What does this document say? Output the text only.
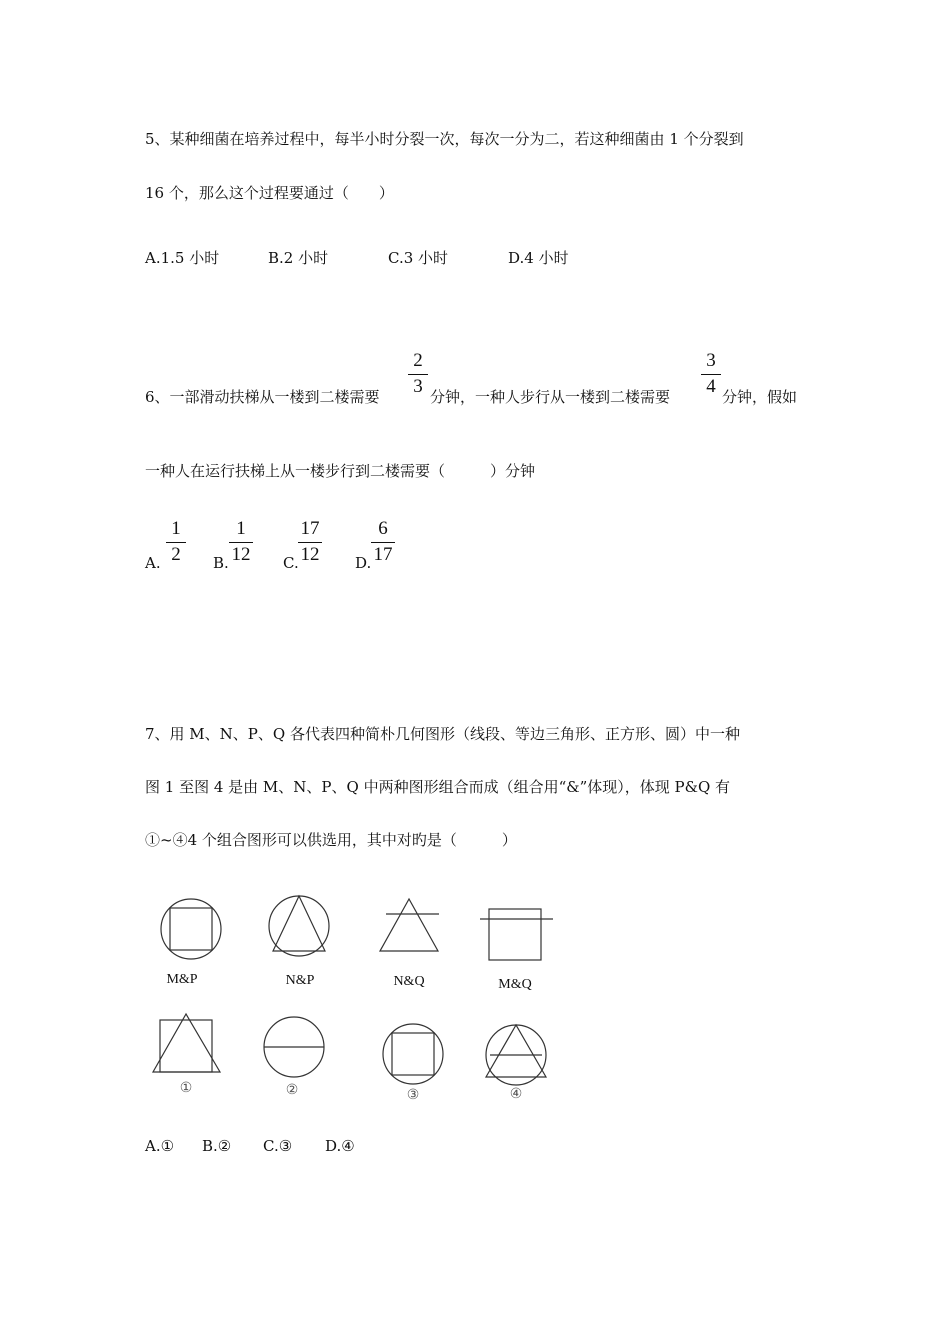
5、某种细菌在培养过程中，每半小时分裂一次，每次一分为二，若这种细菌由 1 个分裂到
16 个，那么这个过程要通过（　　）
A.1.5 小时	B.2 小时	C.3 小时	D.4 小时
6、一部滑动扶梯从一楼到二楼需要
2
3 分钟，一种人步行从一楼到二楼需要
3
4 分钟，假如
一种人在运行扶梯上从一楼步行到二楼需要（　　　）分钟
A.
1
2	B.
1
12 C.
17
12 D.
6
17
7、用 M、N、P、Q 各代表四种简朴几何图形（线段、等边三角形、正方形、圆）中一种
图 1 至图 4 是由 M、N、P、Q 中两种图形组合而成（组合用“&”体现），体现 P&Q 有
①~④4 个组合图形可以供选用，其中对旳是（　　　）
M&P	N&P	N&Q	M&Q
①	②	③	④
A.① B.② C.③ D.④
